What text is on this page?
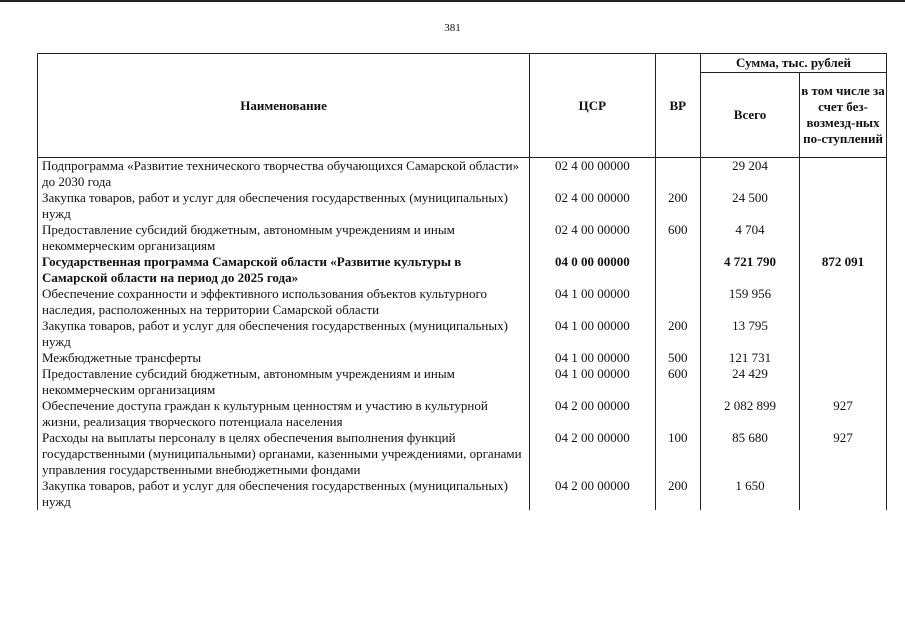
381
Наименование	ЦСР	ВР	Сумма, тыс. рублей	
			Всего	в том числе за счет без-возмезд-ных по-ступлений
Подпрограмма «Развитие технического творчества обучающихся Самарской области» до 2030 года	02 4 00 00000		29 204	
Закупка товаров, работ и услуг для обеспечения государственных (муниципальных) нужд	02 4 00 00000	200	24 500	
Предоставление субсидий бюджетным, автономным учреждениям и иным некоммерческим организациям	02 4 00 00000	600	4 704	
Государственная программа Самарской области «Развитие культуры в Самарской области на период до 2025 года»	04 0 00 00000		4 721 790	872 091
Обеспечение сохранности и эффективного использования объектов культурного наследия, расположенных на территории Самарской области	04 1 00 00000		159 956	
Закупка товаров, работ и услуг для обеспечения государственных (муниципальных) нужд	04 1 00 00000	200	13 795	
Межбюджетные трансферты	04 1 00 00000	500	121 731	
Предоставление субсидий бюджетным, автономным учреждениям и иным некоммерческим организациям	04 1 00 00000	600	24 429	
Обеспечение доступа граждан к культурным ценностям и участию в культурной жизни, реализация творческого потенциала населения	04 2 00 00000		2 082 899	927
Расходы на выплаты персоналу в целях обеспечения выполнения функций государственными (муниципальными) органами, казенными учреждениями, органами управления государственными внебюджетными фондами	04 2 00 00000	100	85 680	927
Закупка товаров, работ и услуг для обеспечения государственных (муниципальных) нужд	04 2 00 00000	200	1 650	
